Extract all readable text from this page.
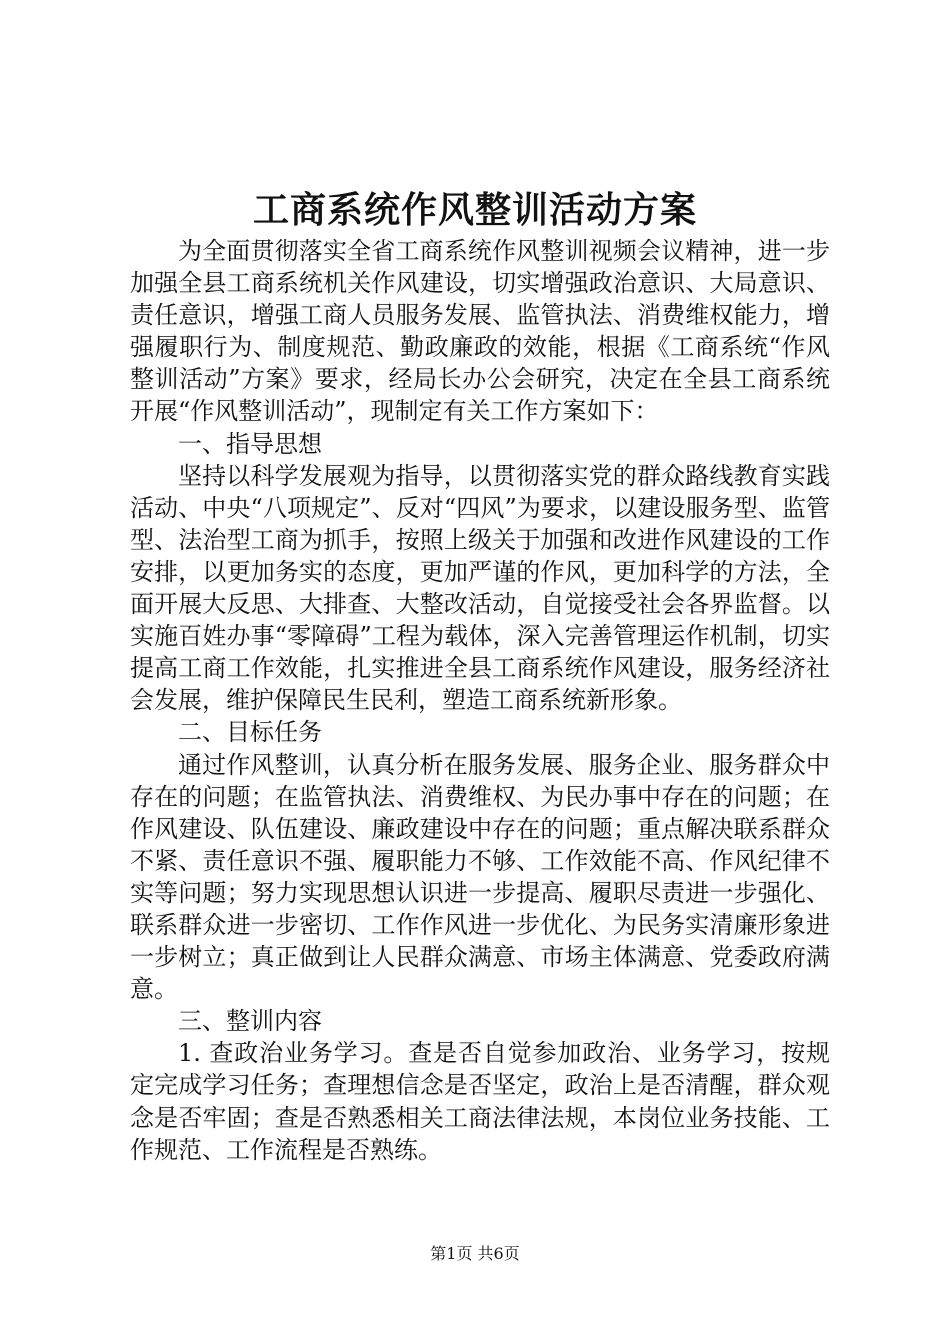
工商系统作风整训活动方案

为全面贯彻落实全省工商系统作风整训视频会议精神，进一步加强全县工商系统机关作风建设，切实增强政治意识、大局意识、责任意识，增强工商人员服务发展、监管执法、消费维权能力，增强履职行为、制度规范、勤政廉政的效能，根据《工商系统“作风整训活动”方案》要求，经局长办公会研究，决定在全县工商系统开展“作风整训活动”，现制定有关工作方案如下：

一、指导思想

坚持以科学发展观为指导，以贯彻落实党的群众路线教育实践活动、中央“八项规定”、反对“四风”为要求，以建设服务型、监管型、法治型工商为抓手，按照上级关于加强和改进作风建设的工作安排，以更加务实的态度，更加严谨的作风，更加科学的方法，全面开展大反思、大排查、大整改活动，自觉接受社会各界监督。以实施百姓办事“零障碍”工程为载体，深入完善管理运作机制，切实提高工商工作效能，扎实推进全县工商系统作风建设，服务经济社会发展，维护保障民生民利，塑造工商系统新形象。

二、目标任务

通过作风整训，认真分析在服务发展、服务企业、服务群众中存在的问题；在监管执法、消费维权、为民办事中存在的问题；在作风建设、队伍建设、廉政建设中存在的问题；重点解决联系群众不紧、责任意识不强、履职能力不够、工作效能不高、作风纪律不实等问题；努力实现思想认识进一步提高、履职尽责进一步强化、联系群众进一步密切、工作作风进一步优化、为民务实清廉形象进一步树立；真正做到让人民群众满意、市场主体满意、党委政府满意。

三、整训内容

1. 查政治业务学习。查是否自觉参加政治、业务学习，按规定完成学习任务；查理想信念是否坚定，政治上是否清醒，群众观念是否牢固；查是否熟悉相关工商法律法规，本岗位业务技能、工作规范、工作流程是否熟练。

第1页 共6页
